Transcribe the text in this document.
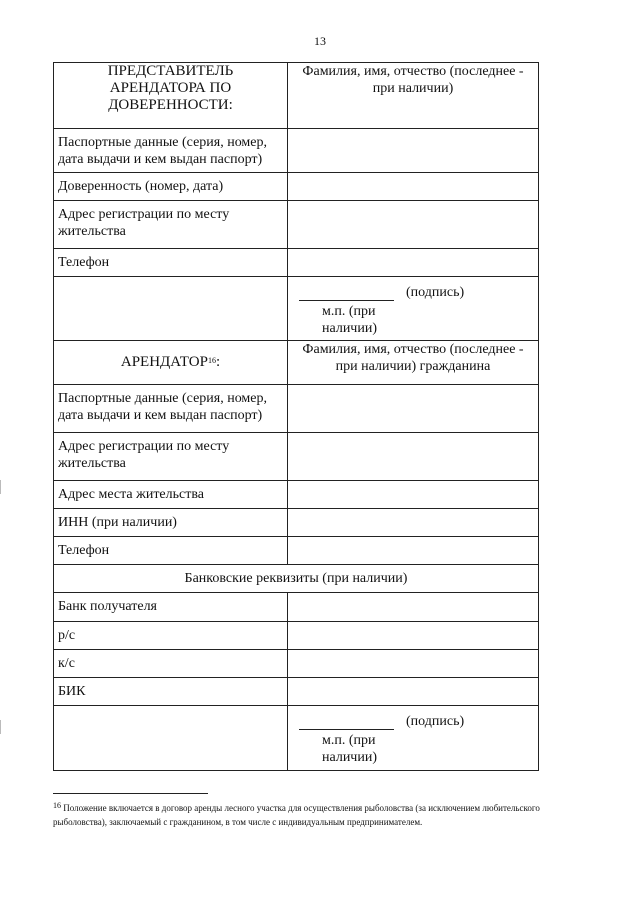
13
ПРЕДСТАВИТЕЛЬ АРЕНДАТОРА ПО ДОВЕРЕННОСТИ:	Фамилия, имя, отчество (последнее - при наличии)
Паспортные данные (серия, номер, дата выдачи и кем выдан паспорт)	
Доверенность (номер, дата)	
Адрес регистрации по месту жительства	
Телефон	

	(подпись)
м.п. (при наличии)

АРЕНДАТОР$^{16}$:	Фамилия, имя, отчество (последнее - при наличии) гражданина
Паспортные данные (серия, номер, дата выдачи и кем выдан паспорт)	
Адрес регистрации по месту жительства	
Адрес места жительства	
ИНН (при наличии)	
Телефон	
Банковские реквизиты (при наличии)	
Банк получателя	
р/с	
к/с	
БИК	

	(подпись)
м.п. (при наличии)
16 Положение включается в договор аренды лесного участка для осуществления рыболовства (за исключением любительского рыболовства), заключаемый с гражданином, в том числе с индивидуальным предпринимателем.
